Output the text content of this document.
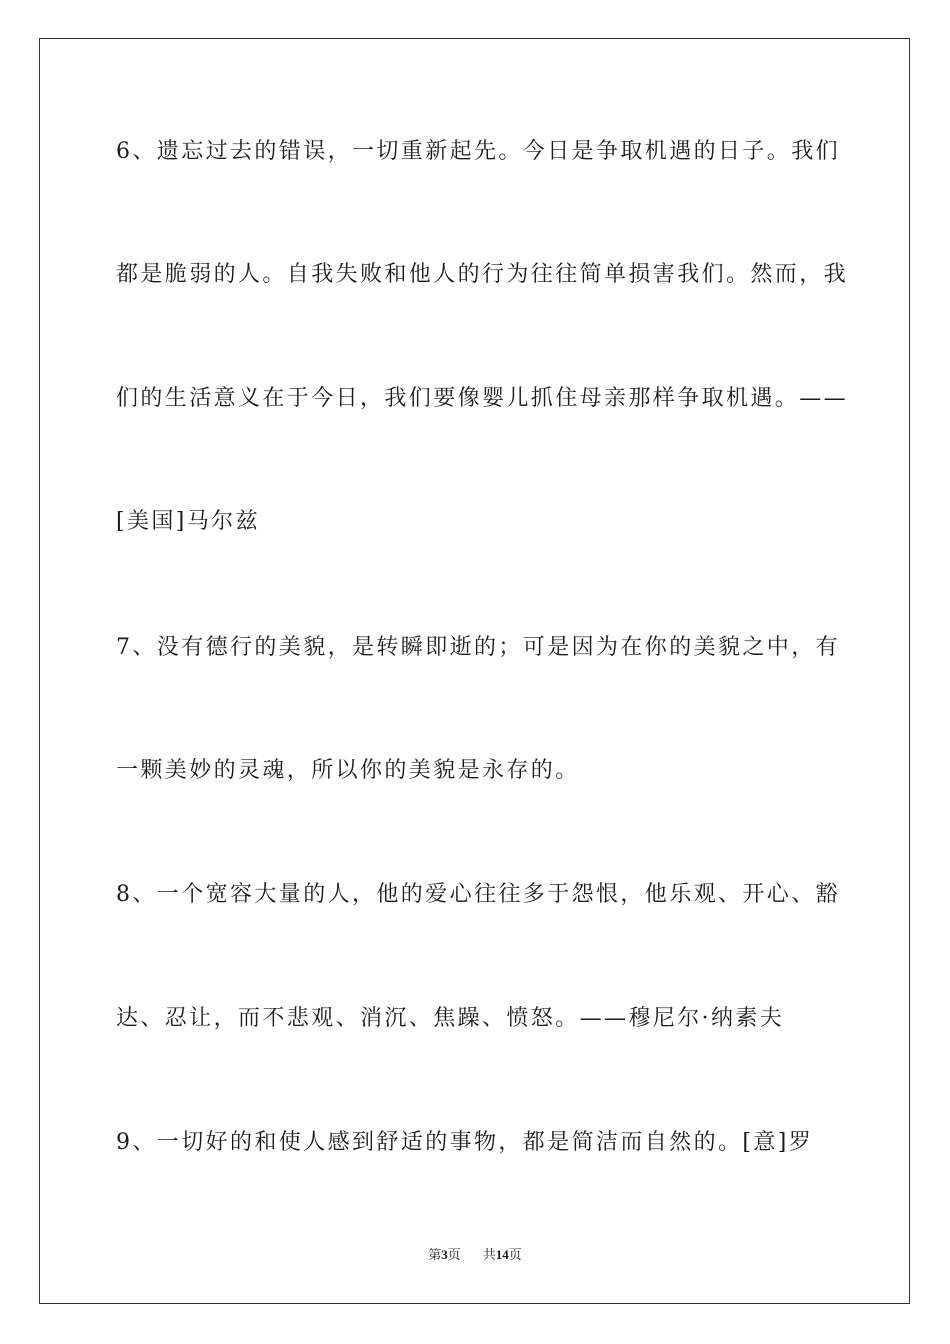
6、遗忘过去的错误，一切重新起先。今日是争取机遇的日子。我们
都是脆弱的人。自我失败和他人的行为往往简单损害我们。然而，我
们的生活意义在于今日，我们要像婴儿抓住母亲那样争取机遇。——
[美国]马尔兹
7、没有德行的美貌，是转瞬即逝的；可是因为在你的美貌之中，有
一颗美妙的灵魂，所以你的美貌是永存的。
8、一个宽容大量的人，他的爱心往往多于怨恨，他乐观、开心、豁
达、忍让，而不悲观、消沉、焦躁、愤怒。——穆尼尔·纳素夫
9、一切好的和使人感到舒适的事物，都是简洁而自然的。[意]罗
第3页 共14页
